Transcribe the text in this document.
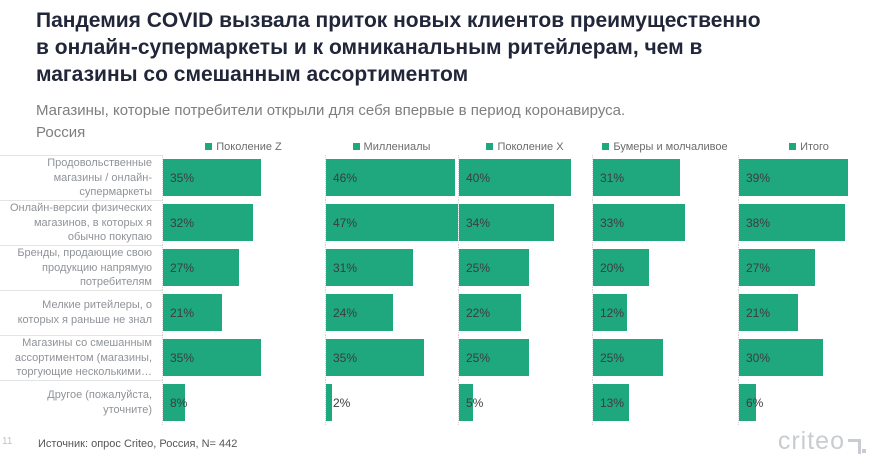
Пандемия COVID вызвала приток новых клиентов преимущественно
в онлайн-супермаркеты и к омниканальным ритейлерам, чем в
магазины со смешанным ассортиментом

Магазины, которые потребители открыли для себя впервые в период коронавируса.

Россия

Поколение Z	Миллениалы	Поколение X	Бумеры и молчаливое	Итого
Продовольственные магазины / онлайн-супермаркеты
35%	46%	40%	31%	39%
Онлайн-версии физических магазинов, в которых я обычно покупаю
32%	47%	34%	33%	38%
Бренды, продающие свою продукцию напрямую потребителям
27%	31%	25%	20%	27%
Мелкие ритейлеры, о которых я раньше не знал
21%	24%	22%	12%	21%
Магазины со смешанным ассортиментом (магазины, торгующие несколькими…
35%	35%	25%	25%	30%
Другое (пожалуйста, уточните)
8%	2%	5%	13%	6%
11 Источник: опрос Criteo, Россия, N= 442	criteo
